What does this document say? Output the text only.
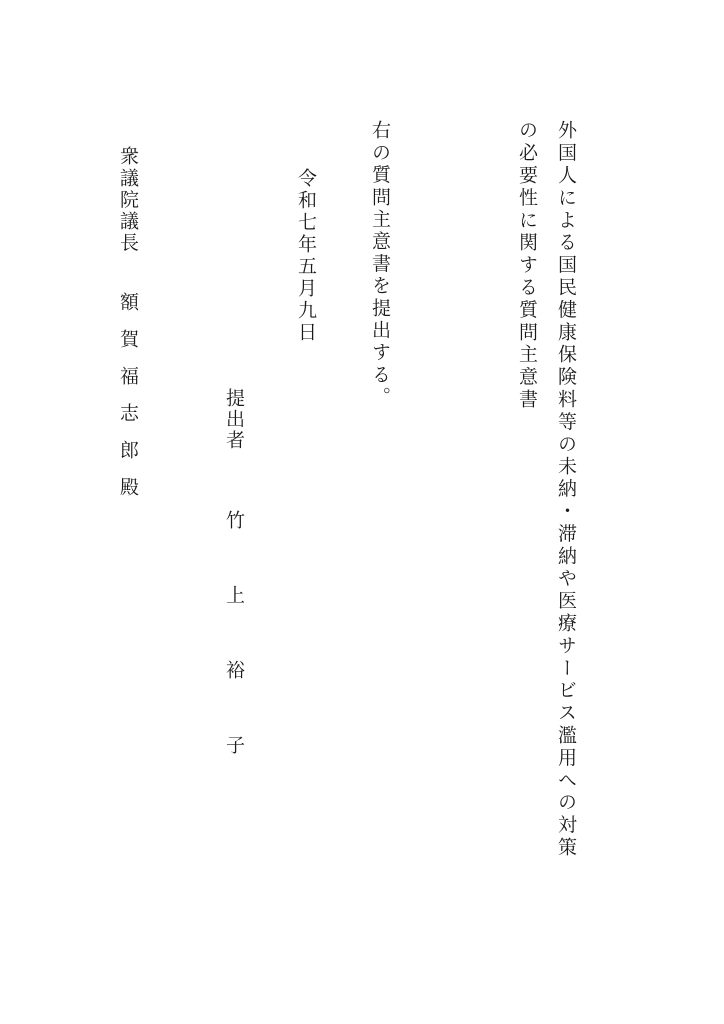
外国人による国民健康保険料等の未納・滞納や医療サービス濫用への対策
の必要性に関する質問主意書
右の質問主意書を提出する。
令和七年五月九日
提出者
竹上裕子
衆議院議長
額賀福志郎殿
